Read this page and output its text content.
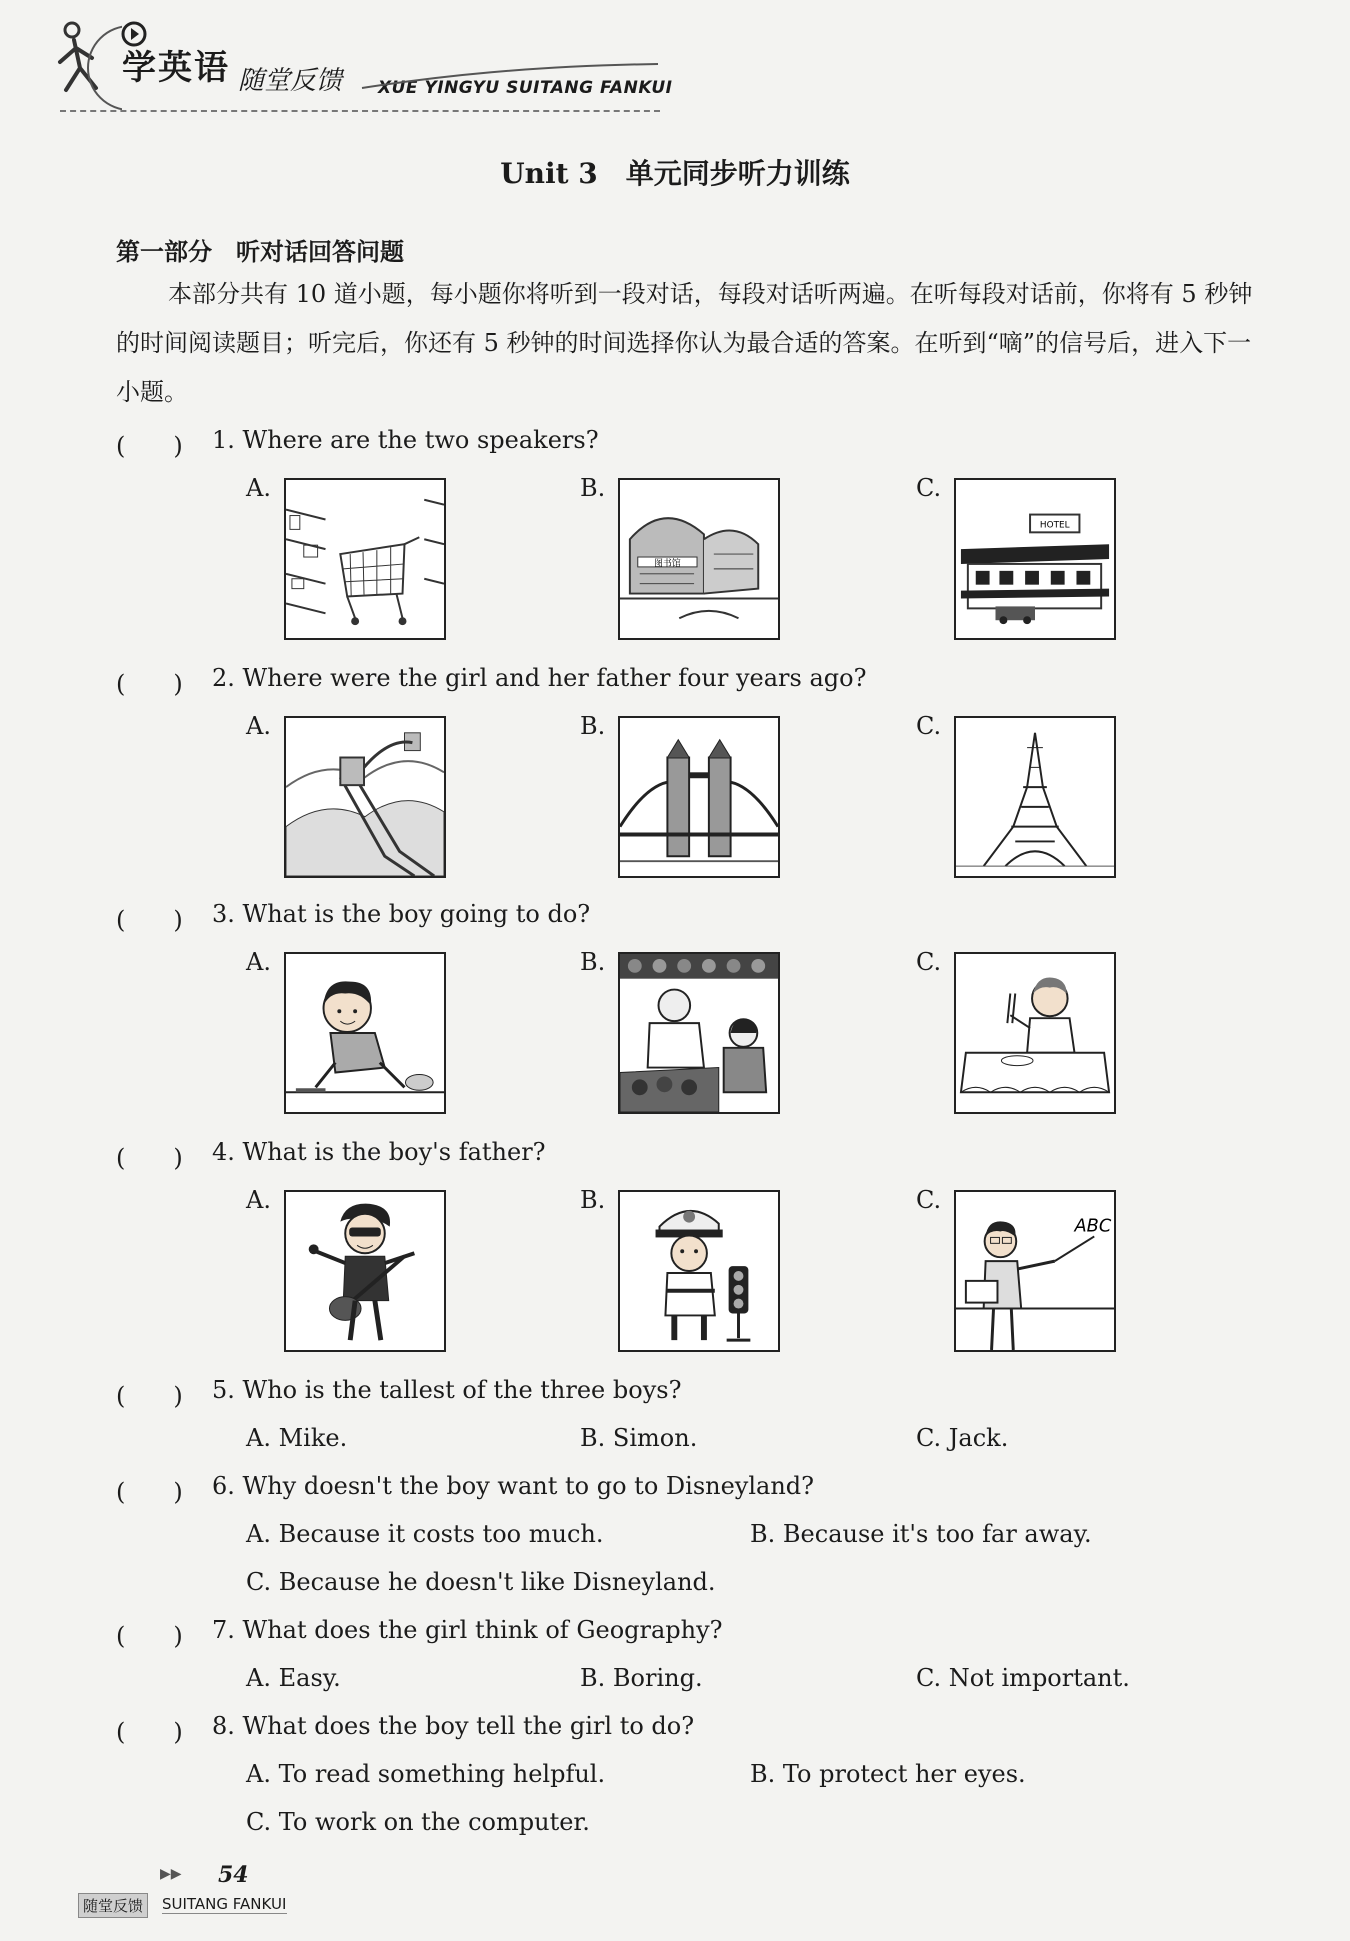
学英语 随堂反馈 XUE YINGYU SUITANG FANKUI
Unit 3　单元同步听力训练
第一部分　听对话回答问题
本部分共有 10 道小题，每小题你将听到一段对话，每段对话听两遍。在听每段对话前，你将有 5 秒钟的时间阅读题目；听完后，你还有 5 秒钟的时间选择你认为最合适的答案。在听到“嘀”的信号后，进入下一小题。
(　　) 1. Where are the two speakers?
A.	B.
图书馆
C.
HOTEL
(　　) 2. Where were the girl and her father four years ago?
A.	B.	C.
(　　) 3. What is the boy going to do?
A.	B.	C.
(　　) 4. What is the boy's father?
A.	B.	C.
ABC
(　　) 5. Who is the tallest of the three boys?
A. Mike.	B. Simon.	C. Jack.
(　　) 6. Why doesn't the boy want to go to Disneyland?
A. Because it costs too much.	B. Because it's too far away.
C. Because he doesn't like Disneyland.
(　　) 7. What does the girl think of Geography?
A. Easy.	B. Boring.	C. Not important.
(　　) 8. What does the boy tell the girl to do?
A. To read something helpful.	B. To protect her eyes.
C. To work on the computer.
▶▶ 54
随堂反馈	SUITANG FANKUI
